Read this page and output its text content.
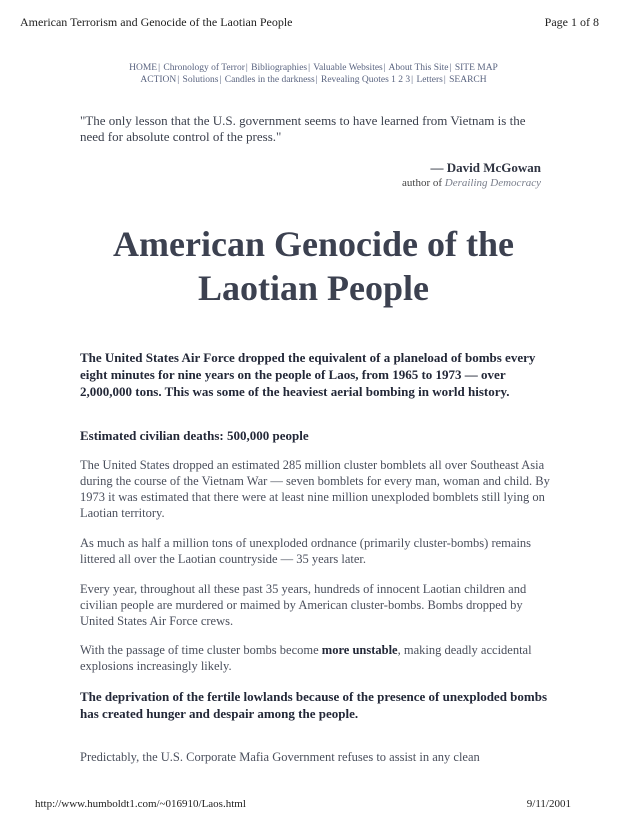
American Terrorism and Genocide of the Laotian People	Page 1 of 8
HOME| Chronology of Terror| Bibliographies| Valuable Websites| About This Site| SITE MAP
ACTION| Solutions| Candles in the darkness| Revealing Quotes 1 2 3| Letters| SEARCH
"The only lesson that the U.S. government seems to have learned from Vietnam is the need for absolute control of the press."
— David McGowan
author of Derailing Democracy
American Genocide of the
Laotian People
The United States Air Force dropped the equivalent of a planeload of bombs every eight minutes for nine years on the people of Laos, from 1965 to 1973 — over 2,000,000 tons. This was some of the heaviest aerial bombing in world history.
Estimated civilian deaths: 500,000 people
The United States dropped an estimated 285 million cluster bomblets all over Southeast Asia during the course of the Vietnam War — seven bomblets for every man, woman and child. By 1973 it was estimated that there were at least nine million unexploded bomblets still lying on Laotian territory.
As much as half a million tons of unexploded ordnance (primarily cluster-bombs) remains littered all over the Laotian countryside — 35 years later.
Every year, throughout all these past 35 years, hundreds of innocent Laotian children and civilian people are murdered or maimed by American cluster-bombs. Bombs dropped by United States Air Force crews.
With the passage of time cluster bombs become more unstable, making deadly accidental explosions increasingly likely.
The deprivation of the fertile lowlands because of the presence of unexploded bombs has created hunger and despair among the people.
Predictably, the U.S. Corporate Mafia Government refuses to assist in any clean
http://www.humboldt1.com/~016910/Laos.html	9/11/2001
